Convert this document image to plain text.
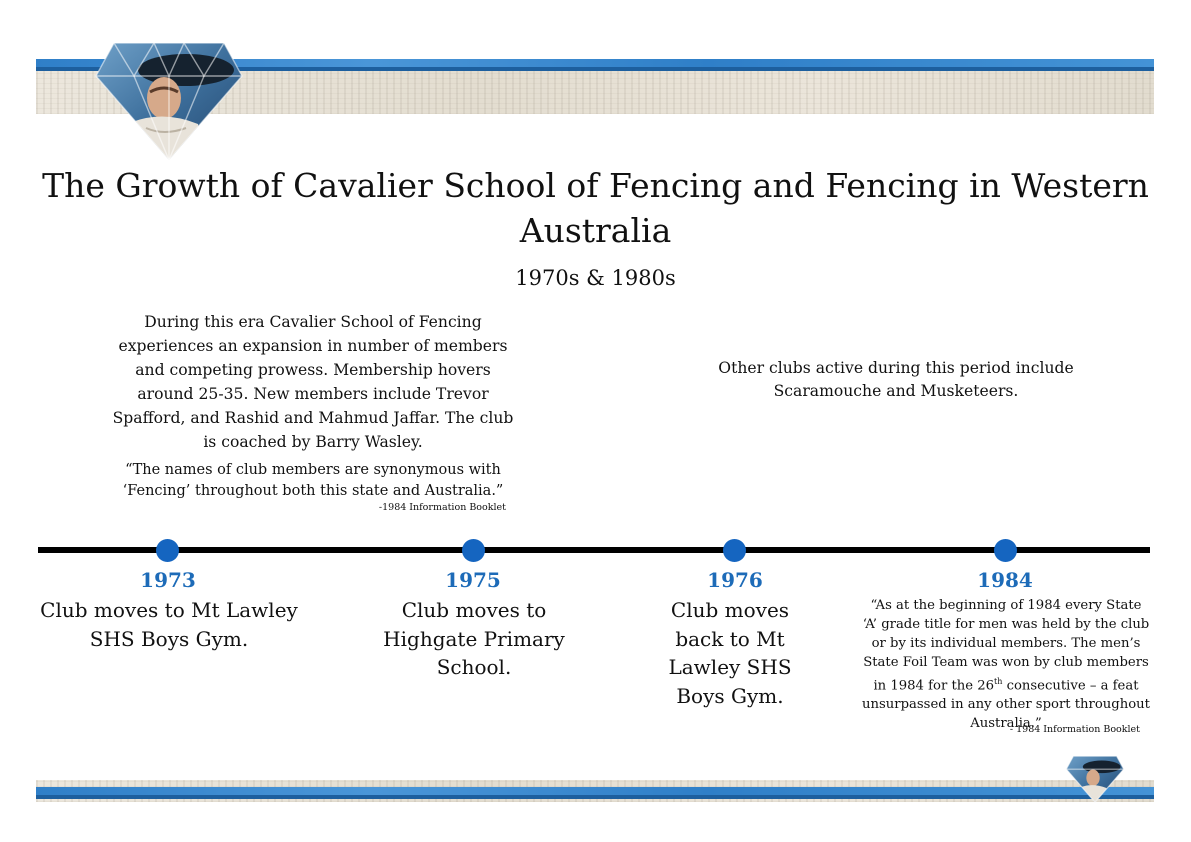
The Growth of Cavalier School of Fencing and Fencing in Western Australia

1970s & 1980s

During this era Cavalier School of Fencing experiences an expansion in number of members and competing prowess. Membership hovers around 25-35. New members include Trevor Spafford, and Rashid and Mahmud Jaffar. The club is coached by Barry Wasley.

“The names of club members are synonymous with ‘Fencing’ throughout both this state and Australia.”

-1984 Information Booklet

Other clubs active during this period include Scaramouche and Musketeers.

1973

Club moves to Mt Lawley SHS Boys Gym.

1975

Club moves to Highgate Primary School.

1976

Club moves back to Mt Lawley SHS Boys Gym.

1984

“As at the beginning of 1984 every State ‘A’ grade title for men was held by the club or by its individual members. The men’s State Foil Team was won by club members in 1984 for the 26th consecutive – a feat unsurpassed in any other sport throughout Australia.”

- 1984 Information Booklet
